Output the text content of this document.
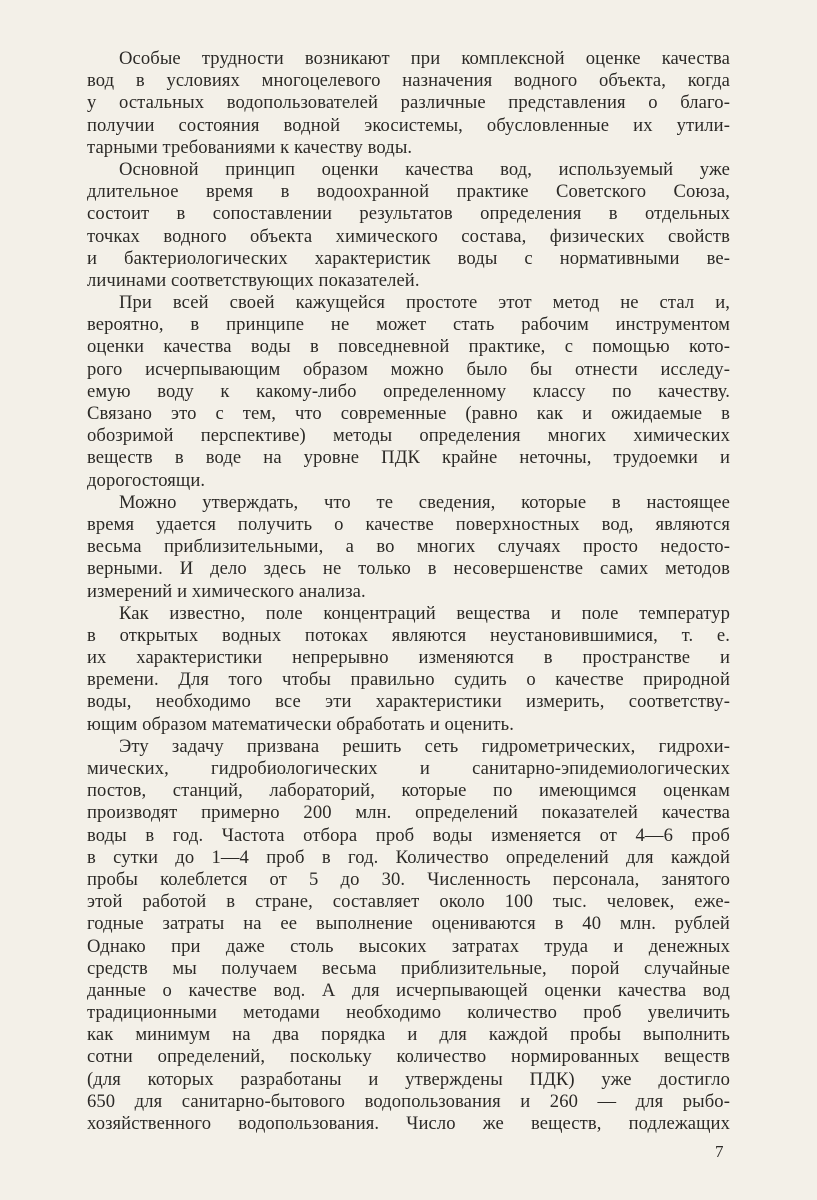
Особые трудности возникают при комплексной оценке качества
вод в условиях многоцелевого назначения водного объекта, когда
у остальных водопользователей различные представления о благо-
получии состояния водной экосистемы, обусловленные их утили-
тарными требованиями к качеству воды.
Основной принцип оценки качества вод, используемый уже
длительное время в водоохранной практике Советского Союза,
состоит в сопоставлении результатов определения в отдельных
точках водного объекта химического состава, физических свойств
и бактериологических характеристик воды с нормативными ве-
личинами соответствующих показателей.
При всей своей кажущейся простоте этот метод не стал и,
вероятно, в принципе не может стать рабочим инструментом
оценки качества воды в повседневной практике, с помощью кото-
рого исчерпывающим образом можно было бы отнести исследу-
емую воду к какому-либо определенному классу по качеству.
Связано это с тем, что современные (равно как и ожидаемые в
обозримой перспективе) методы определения многих химических
веществ в воде на уровне ПДК крайне неточны, трудоемки и
дорогостоящи.
Можно утверждать, что те сведения, которые в настоящее
время удается получить о качестве поверхностных вод, являются
весьма приблизительными, а во многих случаях просто недосто-
верными. И дело здесь не только в несовершенстве самих методов
измерений и химического анализа.
Как известно, поле концентраций вещества и поле температур
в открытых водных потоках являются неустановившимися, т. е.
их характеристики непрерывно изменяются в пространстве и
времени. Для того чтобы правильно судить о качестве природной
воды, необходимо все эти характеристики измерить, соответству-
ющим образом математически обработать и оценить.
Эту задачу призвана решить сеть гидрометрических, гидрохи-
мических, гидробиологических и санитарно-эпидемиологических
постов, станций, лабораторий, которые по имеющимся оценкам
производят примерно 200 млн. определений показателей качества
воды в год. Частота отбора проб воды изменяется от 4—6 проб
в сутки до 1—4 проб в год. Количество определений для каждой
пробы колеблется от 5 до 30. Численность персонала, занятого
этой работой в стране, составляет около 100 тыс. человек, еже-
годные затраты на ее выполнение оцениваются в 40 млн. рублей
Однако при даже столь высоких затратах труда и денежных
средств мы получаем весьма приблизительные, порой случайные
данные о качестве вод. А для исчерпывающей оценки качества вод
традиционными методами необходимо количество проб увеличить
как минимум на два порядка и для каждой пробы выполнить
сотни определений, поскольку количество нормированных веществ
(для которых разработаны и утверждены ПДК) уже достигло
650 для санитарно-бытового водопользования и 260 — для рыбо-
хозяйственного водопользования. Число же веществ, подлежащих
7
